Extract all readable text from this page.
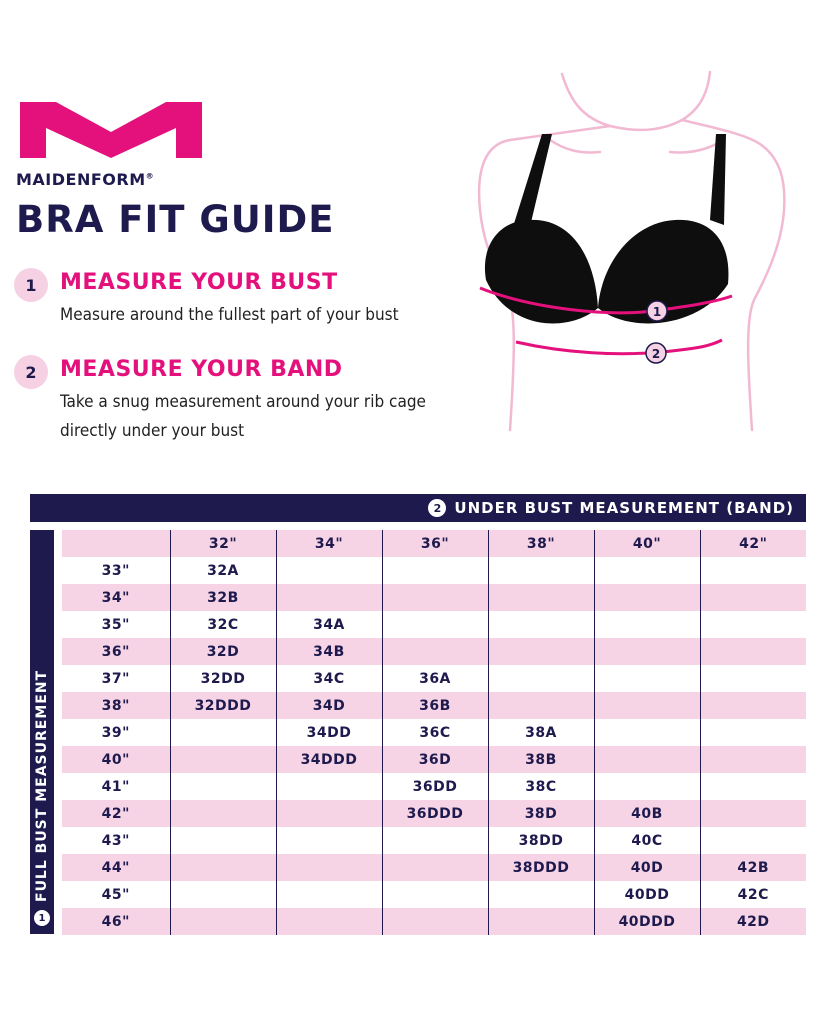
MAIDENFORM®
BRA FIT GUIDE
1	MEASURE YOUR BUST
Measure around the fullest part of your bust
2	MEASURE YOUR BAND
Take a snug measurement around your rib cage
directly under your bust
1
2
2 UNDER BUST MEASUREMENT (BAND)
1
FULL BUST MEASUREMENT
	32"	34"	36"	38"	40"	42"
33"	32A					
34"	32B					
35"	32C	34A				
36"	32D	34B				
37"	32DD	34C	36A			
38"	32DDD	34D	36B			
39"		34DD	36C	38A		
40"		34DDD	36D	38B		
41"			36DD	38C		
42"			36DDD	38D	40B	
43"				38DD	40C	
44"				38DDD	40D	42B
45"					40DD	42C
46"					40DDD	42D
